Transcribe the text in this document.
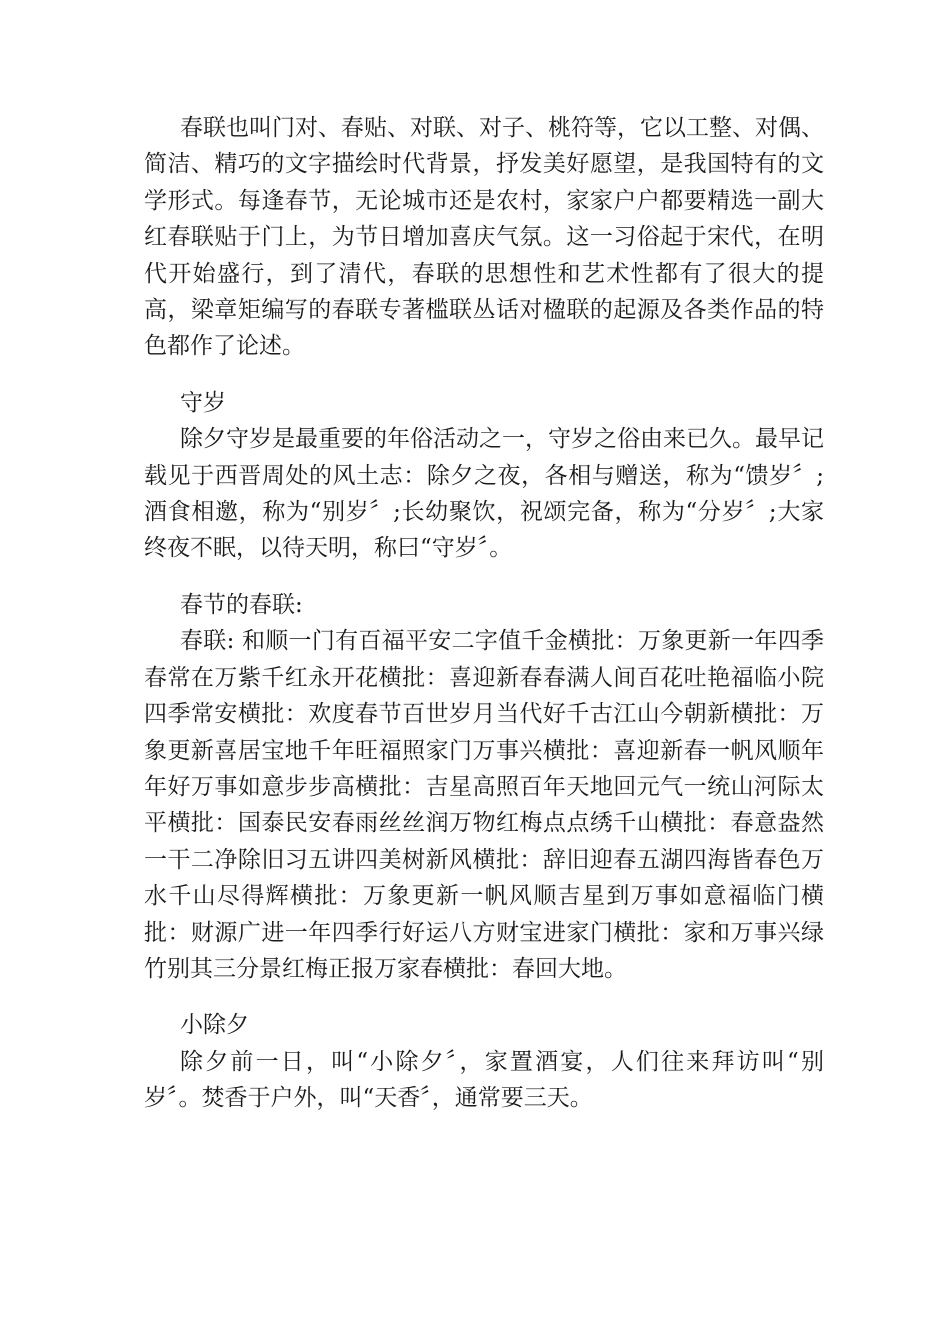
春联也叫门对、春贴、对联、对子、桃符等，它以工整、对偶、简洁、精巧的文字描绘时代背景，抒发美好愿望，是我国特有的文学形式。每逢春节，无论城市还是农村，家家户户都要精选一副大红春联贴于门上，为节日增加喜庆气氛。这一习俗起于宋代，在明代开始盛行，到了清代，春联的思想性和艺术性都有了很大的提高，梁章矩编写的春联专著槛联丛话对楹联的起源及各类作品的特色都作了论述。

守岁

除夕守岁是最重要的年俗活动之一，守岁之俗由来已久。最早记载见于西晋周处的风土志：除夕之夜，各相与赠送，称为“馈岁〞;酒食相邀，称为“别岁〞;长幼聚饮，祝颂完备，称为“分岁〞;大家终夜不眠，以待天明，称曰“守岁〞。

春节的春联:

春联: 和顺一门有百福平安二字值千金横批：万象更新一年四季春常在万紫千红永开花横批：喜迎新春春满人间百花吐艳福临小院四季常安横批：欢度春节百世岁月当代好千古江山今朝新横批：万象更新喜居宝地千年旺福照家门万事兴横批：喜迎新春一帆风顺年年好万事如意步步高横批：吉星高照百年天地回元气一统山河际太平横批：国泰民安春雨丝丝润万物红梅点点绣千山横批：春意盎然一干二净除旧习五讲四美树新风横批：辞旧迎春五湖四海皆春色万水千山尽得辉横批：万象更新一帆风顺吉星到万事如意福临门横批：财源广进一年四季行好运八方财宝进家门横批：家和万事兴绿竹别其三分景红梅正报万家春横批：春回大地。

小除夕

除夕前一日，叫“小除夕〞，家置酒宴，人们往来拜访叫“别岁〞。焚香于户外，叫“天香〞，通常要三天。
